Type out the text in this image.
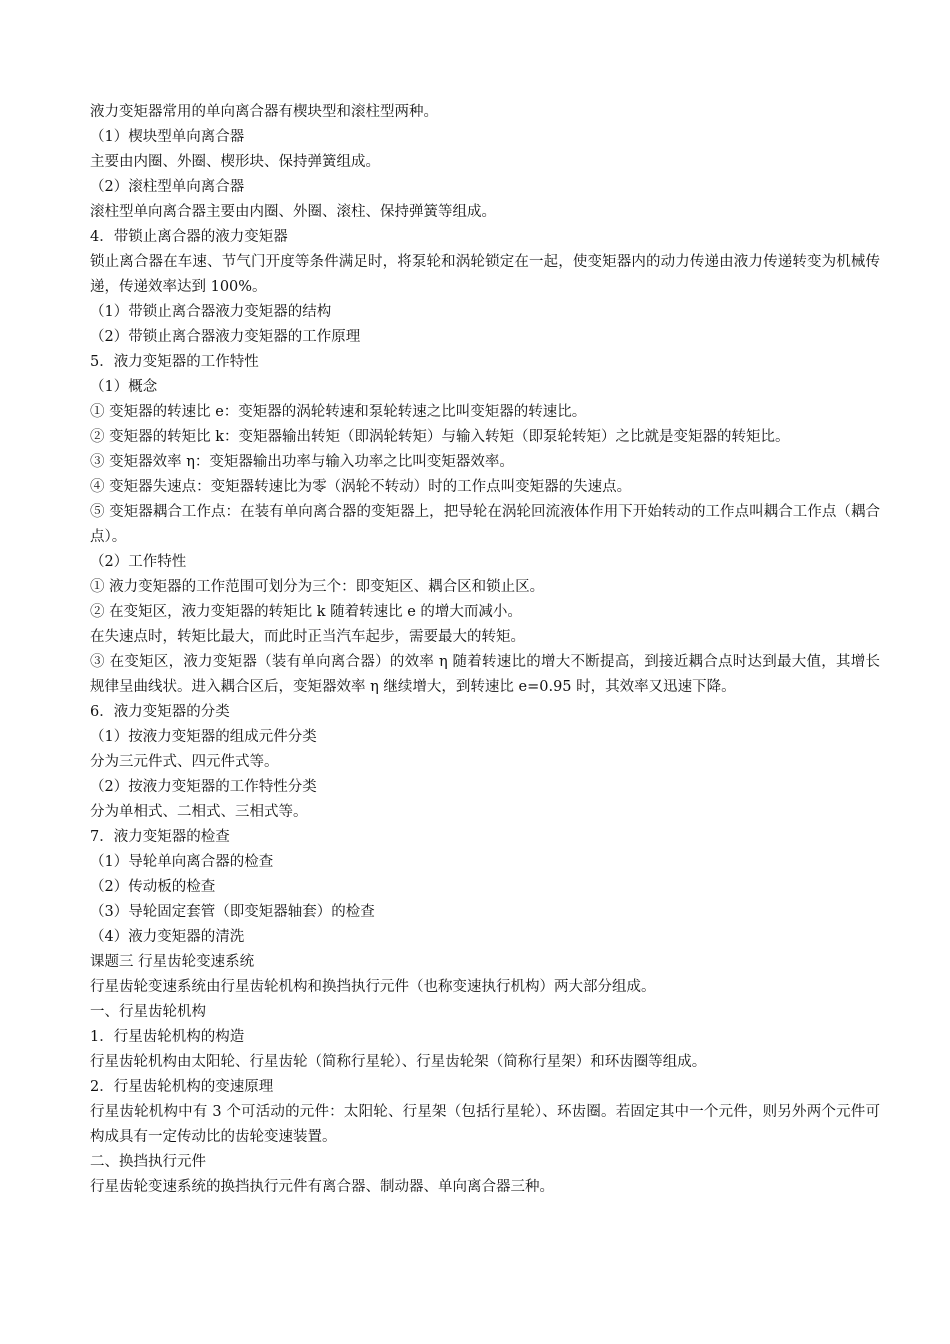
液力变矩器常用的单向离合器有楔块型和滚柱型两种。

（1）楔块型单向离合器

主要由内圈、外圈、楔形块、保持弹簧组成。

（2）滚柱型单向离合器

滚柱型单向离合器主要由内圈、外圈、滚柱、保持弹簧等组成。

4．带锁止离合器的液力变矩器

锁止离合器在车速、节气门开度等条件满足时，将泵轮和涡轮锁定在一起，使变矩器内的动力传递由液力传递转变为机械传递，传递效率达到 100%。

（1）带锁止离合器液力变矩器的结构

（2）带锁止离合器液力变矩器的工作原理

5．液力变矩器的工作特性

（1）概念

① 变矩器的转速比 e：变矩器的涡轮转速和泵轮转速之比叫变矩器的转速比。

② 变矩器的转矩比 k：变矩器输出转矩（即涡轮转矩）与输入转矩（即泵轮转矩）之比就是变矩器的转矩比。

③ 变矩器效率 η：变矩器输出功率与输入功率之比叫变矩器效率。

④ 变矩器失速点：变矩器转速比为零（涡轮不转动）时的工作点叫变矩器的失速点。

⑤ 变矩器耦合工作点：在装有单向离合器的变矩器上，把导轮在涡轮回流液体作用下开始转动的工作点叫耦合工作点（耦合点）。

（2）工作特性

① 液力变矩器的工作范围可划分为三个：即变矩区、耦合区和锁止区。

② 在变矩区，液力变矩器的转矩比 k 随着转速比 e 的增大而减小。

在失速点时，转矩比最大，而此时正当汽车起步，需要最大的转矩。

③ 在变矩区，液力变矩器（装有单向离合器）的效率 η 随着转速比的增大不断提高，到接近耦合点时达到最大值，其增长规律呈曲线状。进入耦合区后，变矩器效率 η 继续增大，到转速比 e=0.95 时，其效率又迅速下降。

6．液力变矩器的分类

（1）按液力变矩器的组成元件分类

分为三元件式、四元件式等。

（2）按液力变矩器的工作特性分类

分为单相式、二相式、三相式等。

7．液力变矩器的检查

（1）导轮单向离合器的检查

（2）传动板的检查

（3）导轮固定套管（即变矩器轴套）的检查

（4）液力变矩器的清洗

课题三 行星齿轮变速系统

行星齿轮变速系统由行星齿轮机构和换挡执行元件（也称变速执行机构）两大部分组成。

一、行星齿轮机构

1．行星齿轮机构的构造

行星齿轮机构由太阳轮、行星齿轮（简称行星轮）、行星齿轮架（简称行星架）和环齿圈等组成。

2．行星齿轮机构的变速原理

行星齿轮机构中有 3 个可活动的元件：太阳轮、行星架（包括行星轮）、环齿圈。若固定其中一个元件，则另外两个元件可构成具有一定传动比的齿轮变速装置。

二、换挡执行元件

行星齿轮变速系统的换挡执行元件有离合器、制动器、单向离合器三种。
